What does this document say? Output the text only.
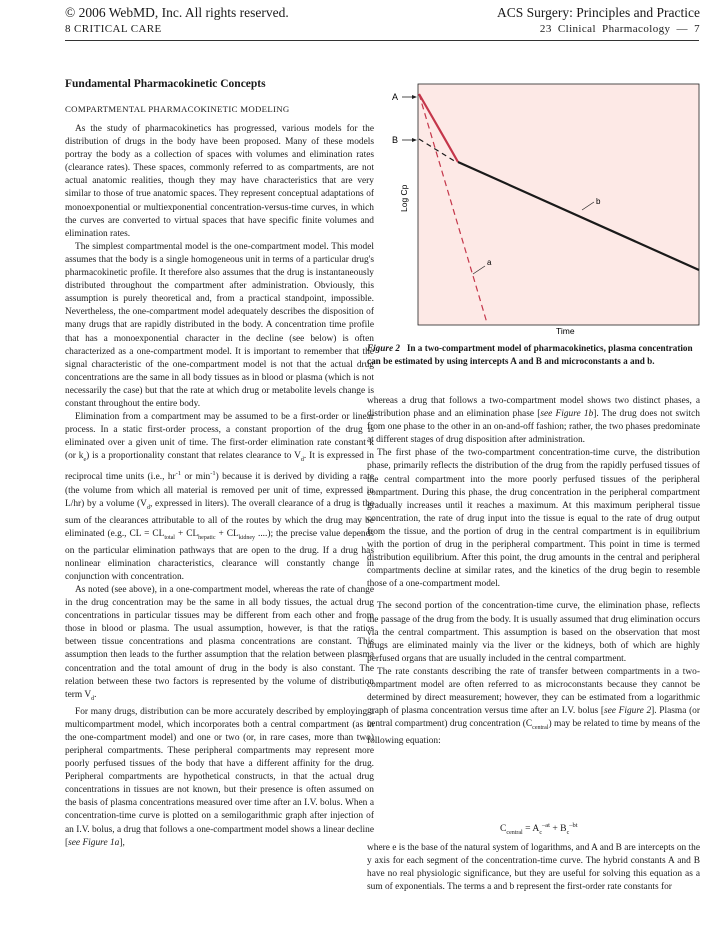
© 2006 WebMD, Inc. All rights reserved.	ACS Surgery: Principles and Practice
8 CRITICAL CARE	23 Clinical Pharmacology — 7
Fundamental Pharmacokinetic Concepts
COMPARTMENTAL PHARMACOKINETIC MODELING

As the study of pharmacokinetics has progressed, various models for the distribution of drugs in the body have been proposed. Many of these models portray the body as a collection of spaces with volumes and elimination rates (clearance rates). These spaces, commonly referred to as compartments, are not actual anatomic realities, though they may have characteristics that are very similar to those of true anatomic spaces. They represent conceptual adaptations of monoexponential or multiexponential concentration-versus-time curves, in which the curves are converted to virtual spaces that have specific finite volumes and elimination rates.

The simplest compartmental model is the one-compartment model. This model assumes that the body is a single homogeneous unit in terms of a particular drug's pharmacokinetic profile. It therefore also assumes that the drug is instantaneously distributed throughout the compartment after administration. Obviously, this assumption is purely theoretical and, from a practical standpoint, impossible. Nevertheless, the one-compartment model adequately describes the disposition of many drugs that are rapidly distributed in the body. A concentration time profile that has a monoexponential character in the decline (see below) is often characterized as a one-compartment model. It is important to remember that the signal characteristic of the one-compartment model is not that the actual drug concentrations are the same in all body tissues as in blood or plasma (which is not necessarily the case) but that the rate at which drug or metabolite levels change is constant throughout the entire body.

Elimination from a compartment may be assumed to be a first-order or linear process. In a static first-order process, a constant proportion of the drug is eliminated over a given unit of time. The first-order elimination rate constant k (or $k_e$) is a proportionality constant that relates clearance to $V_d$. It is expressed in reciprocal time units (i.e., $hr^{-1}$ or $\min^{-1}$) because it is derived by dividing a rate (the volume from which all material is removed per unit of time, expressed in L/hr) by a volume ($V_d$, expressed in liters). The overall clearance of a drug is the sum of the clearances attributable to all of the routes by which the drug may be eliminated (e.g., CL = $CL_{total} + CL_{hepatic} + CL_{kidney}$ ....); the precise value depends on the particular elimination pathways that are open to the drug. If a drug has nonlinear elimination characteristics, clearance will constantly change in conjunction with concentration.

As noted (see above), in a one-compartment model, whereas the rate of change in the drug concentration may be the same in all body tissues, the actual drug concentrations in particular tissues may be different from each other and from those in blood or plasma. The usual assumption, however, is that the ratios between tissue concentrations and plasma concentrations are constant. This assumption then leads to the further assumption that the relation between plasma concentration and the total amount of drug in the body is also constant. The relation between these two factors is represented by the volume of distribution term $V_d$.

For many drugs, distribution can be more accurately described by employing a multicompartment model, which incorporates both a central compartment (as in the one-compartment model) and one or two (or, in rare cases, more than two) peripheral compartments. These peripheral compartments may represent more poorly perfused tissues of the body that have a different affinity for the drug. Peripheral compartments are hypothetical constructs, in that the actual drug concentrations in tissues are not known, but their presence is often assumed on the basis of plasma concentrations measured over time after an I.V. bolus. When a concentration-time curve is plotted on a semilogarithmic graph after injection of an I.V. bolus, a drug that follows a one-compartment model shows a linear decline [see Figure 1a],

A
B
Log Cp	b
a
Time
Figure 2 In a two-compartment model of pharmacokinetics, plasma concentration can be estimated by using intercepts A and B and microconstants a and b.

whereas a drug that follows a two-compartment model shows two distinct phases, a distribution phase and an elimination phase [see Figure 1b]. The drug does not switch from one phase to the other in an on-and-off fashion; rather, the two phases predominate at different stages of drug disposition after administration.

The first phase of the two-compartment concentration-time curve, the distribution phase, primarily reflects the distribution of the drug from the rapidly perfused tissues of the central compartment into the more poorly perfused tissues of the peripheral compartment. During this phase, the drug concentration in the peripheral compartment gradually increases until it reaches a maximum. At this maximum peripheral tissue concentration, the rate of drug input into the tissue is equal to the rate of drug output from the tissue, and the portion of drug in the central compartment is in equilibrium with the portion of drug in the peripheral compartment. This point in time is termed distribution equilibrium. After this point, the drug amounts in the central and peripheral compartments decline at similar rates, and the kinetics of the drug begin to resemble those of a one-compartment model.

The second portion of the concentration-time curve, the elimination phase, reflects the passage of the drug from the body. It is usually assumed that drug elimination occurs via the central compartment. This assumption is based on the observation that most drugs are eliminated mainly via the liver or the kidneys, both of which are highly perfused organs that are usually included in the central compartment.

The rate constants describing the rate of transfer between compartments in a two-compartment model are often referred to as microconstants because they cannot be determined by direct measurement; however, they can be estimated from a logarithmic graph of plasma concentration versus time after an I.V. bolus [see Figure 2]. Plasma (or central compartment) drug concentration $(C_{central})$ may be related to time by means of the following equation:

$C_{central} = A_c^{-at} + B_c^{-bt}$

where e is the base of the natural system of logarithms, and A and B are intercepts on the y axis for each segment of the concentration-time curve. The hybrid constants A and B have no real physiologic significance, but they are useful for solving this equation as a sum of exponentials. The terms a and b represent the first-order rate constants for
